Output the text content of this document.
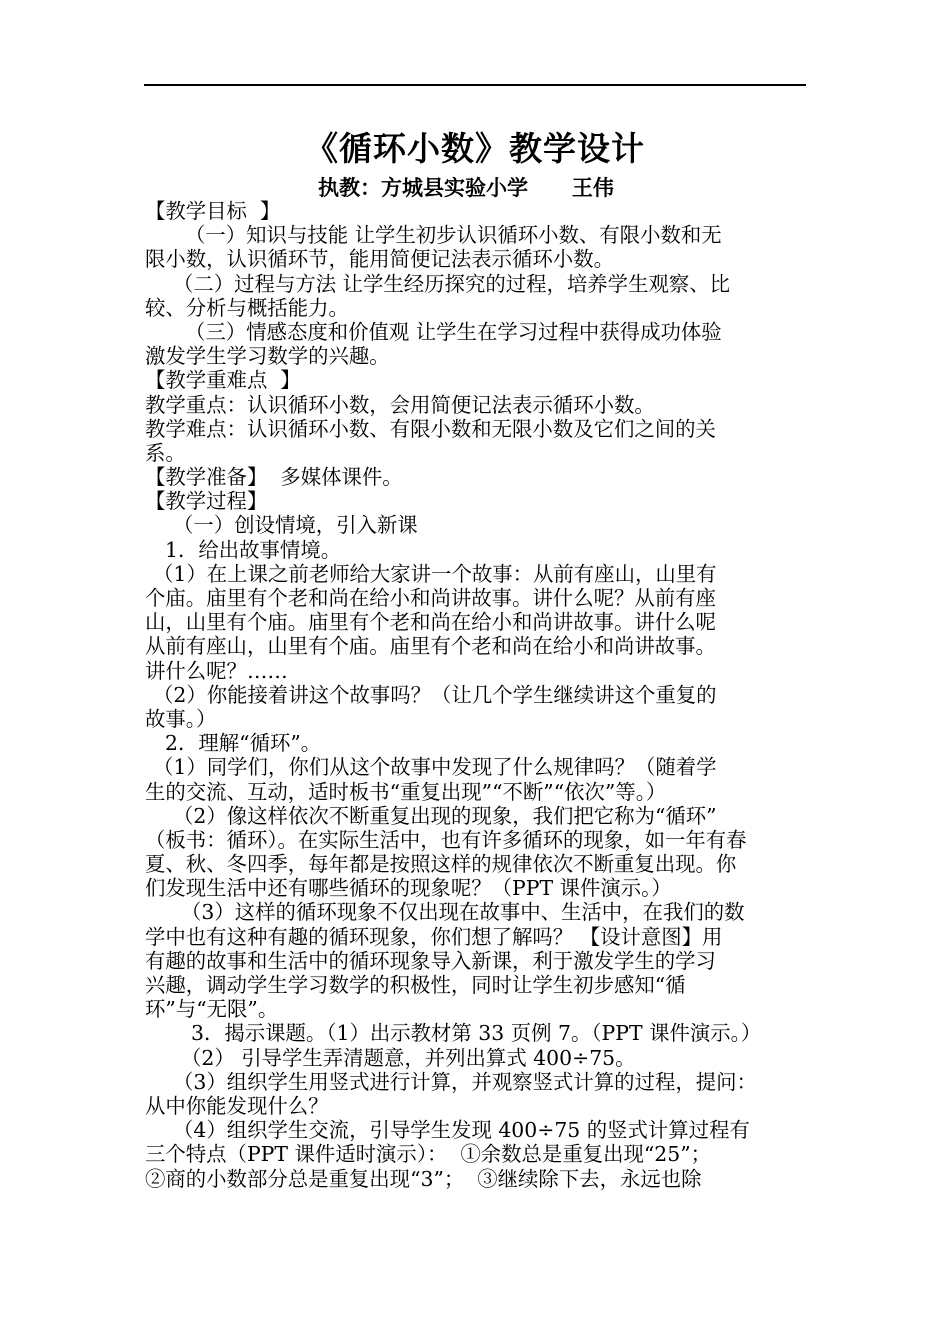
《循环小数》教学设计
执教：方城县实验小学      王伟
【教学目标  】
（一）知识与技能 让学生初步认识循环小数、有限小数和无
限小数，认识循环节，能用简便记法表示循环小数。
（二）过程与方法 让学生经历探究的过程，培养学生观察、比
较、分析与概括能力。
（三）情感态度和价值观 让学生在学习过程中获得成功体验
激发学生学习数学的兴趣。
【教学重难点  】
教学重点：认识循环小数，会用简便记法表示循环小数。
教学难点：认识循环小数、有限小数和无限小数及它们之间的关
系。
【教学准备】  多媒体课件。
【教学过程】
（一）创设情境，引入新课
1．给出故事情境。
（1）在上课之前老师给大家讲一个故事：从前有座山，山里有
个庙。庙里有个老和尚在给小和尚讲故事。讲什么呢？从前有座
山，山里有个庙。庙里有个老和尚在给小和尚讲故事。讲什么呢
从前有座山，山里有个庙。庙里有个老和尚在给小和尚讲故事。
讲什么呢？……
（2）你能接着讲这个故事吗？（让几个学生继续讲这个重复的
故事。）
2．理解“循环”。
（1）同学们，你们从这个故事中发现了什么规律吗？（随着学
生的交流、互动，适时板书“重复出现”“不断”“依次”等。）
（2）像这样依次不断重复出现的现象，我们把它称为“循环”
（板书：循环）。在实际生活中，也有许多循环的现象，如一年有春
夏、秋、冬四季，每年都是按照这样的规律依次不断重复出现。你
们发现生活中还有哪些循环的现象呢？（PPT 课件演示。）
（3）这样的循环现象不仅出现在故事中、生活中，在我们的数
学中也有这种有趣的循环现象，你们想了解吗？ 【设计意图】用
有趣的故事和生活中的循环现象导入新课，利于激发学生的学习
兴趣，调动学生学习数学的积极性，同时让学生初步感知“循
环”与“无限”。
3．揭示课题。（1）出示教材第 33 页例 7。（PPT 课件演示。）
（2） 引导学生弄清题意，并列出算式 400÷75。
（3）组织学生用竖式进行计算，并观察竖式计算的过程，提问：
从中你能发现什么？
（4）组织学生交流，引导学生发现 400÷75 的竖式计算过程有
三个特点（PPT 课件适时演示）：  ①余数总是重复出现“25”；
②商的小数部分总是重复出现“3”；  ③继续除下去，永远也除
